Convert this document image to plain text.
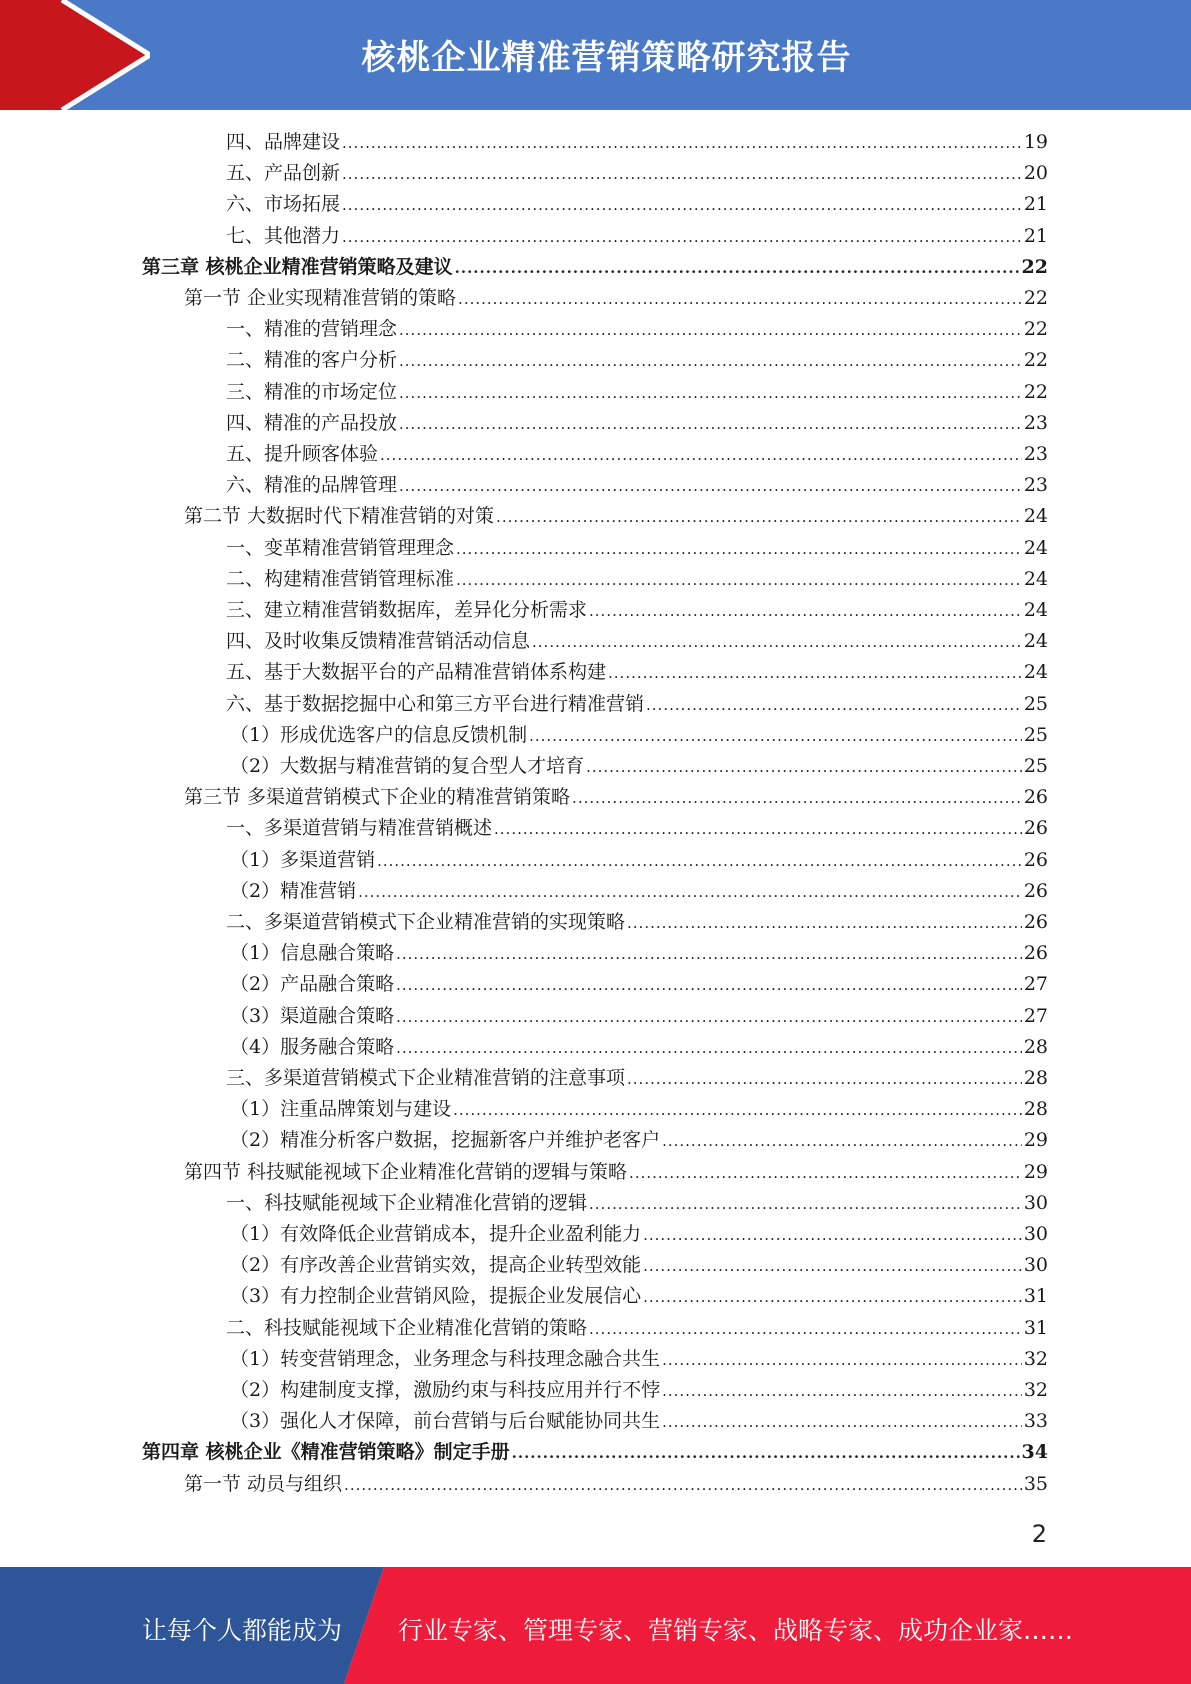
核桃企业精准营销策略研究报告
四、品牌建设 .....	19
五、产品创新 .....	20
六、市场拓展 .....	21
七、其他潜力 .....	21
第三章 核桃企业精准营销策略及建议 .....	22
第一节 企业实现精准营销的策略 .....	22
一、精准的营销理念 .....	22
二、精准的客户分析 .....	22
三、精准的市场定位 .....	22
四、精准的产品投放 .....	23
五、提升顾客体验 .....	23
六、精准的品牌管理 .....	23
第二节 大数据时代下精准营销的对策 .....	24
一、变革精准营销管理理念 .....	24
二、构建精准营销管理标准 .....	24
三、建立精准营销数据库，差异化分析需求 .....	24
四、及时收集反馈精准营销活动信息 .....	24
五、基于大数据平台的产品精准营销体系构建 .....	24
六、基于数据挖掘中心和第三方平台进行精准营销 .....	25
（1）形成优选客户的信息反馈机制 .....	25
（2）大数据与精准营销的复合型人才培育 .....	25
第三节 多渠道营销模式下企业的精准营销策略 .....	26
一、多渠道营销与精准营销概述 .....	26
（1）多渠道营销 .....	26
（2）精准营销 .....	26
二、多渠道营销模式下企业精准营销的实现策略 .....	26
（1）信息融合策略 .....	26
（2）产品融合策略 .....	27
（3）渠道融合策略 .....	27
（4）服务融合策略 .....	28
三、多渠道营销模式下企业精准营销的注意事项 .....	28
（1）注重品牌策划与建设 .....	28
（2）精准分析客户数据，挖掘新客户并维护老客户 .....	29
第四节 科技赋能视域下企业精准化营销的逻辑与策略 .....	29
一、科技赋能视域下企业精准化营销的逻辑 .....	30
（1）有效降低企业营销成本，提升企业盈利能力 .....	30
（2）有序改善企业营销实效，提高企业转型效能 .....	30
（3）有力控制企业营销风险，提振企业发展信心 .....	31
二、科技赋能视域下企业精准化营销的策略 .....	31
（1）转变营销理念，业务理念与科技理念融合共生 .....	32
（2）构建制度支撑，激励约束与科技应用并行不悖 .....	32
（3）强化人才保障，前台营销与后台赋能协同共生 .....	33
第四章 核桃企业《精准营销策略》制定手册 .....	34
第一节 动员与组织 .....	35
2
让每个人都能成为 行业专家、管理专家、营销专家、战略专家、成功企业家……
